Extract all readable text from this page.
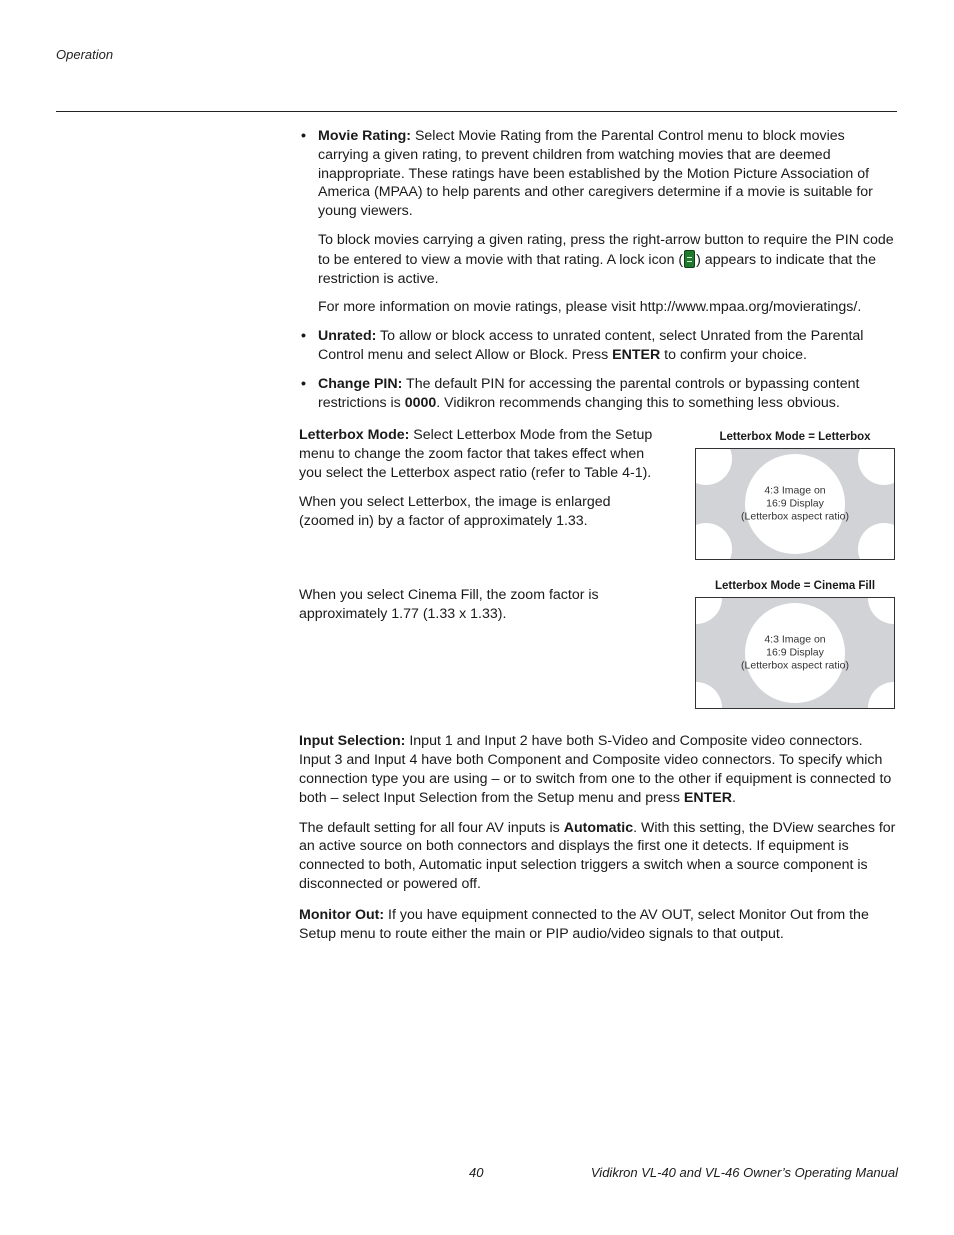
Operation

• Movie Rating: Select Movie Rating from the Parental Control menu to block movies carrying a given rating, to prevent children from watching movies that are deemed inappropriate. These ratings have been established by the Motion Picture Association of America (MPAA) to help parents and other caregivers determine if a movie is suitable for young viewers.

To block movies carrying a given rating, press the right-arrow button to require the PIN code to be entered to view a movie with that rating. A lock icon ( ) appears to indicate that the restriction is active.

For more information on movie ratings, please visit http://www.mpaa.org/movieratings/.

• Unrated: To allow or block access to unrated content, select Unrated from the Parental Control menu and select Allow or Block. Press ENTER to confirm your choice.

• Change PIN: The default PIN for accessing the parental controls or bypassing content restrictions is 0000. Vidikron recommends changing this to something less obvious.

Letterbox Mode: Select Letterbox Mode from the Setup menu to change the zoom factor that takes effect when you select the Letterbox aspect ratio (refer to Table 4-1).

When you select Letterbox, the image is enlarged (zoomed in) by a factor of approximately 1.33.

When you select Cinema Fill, the zoom factor is approximately 1.77 (1.33 x 1.33).

Letterbox Mode = Letterbox
4:3 Image on
16:9 Display
(Letterbox aspect ratio)
Letterbox Mode = Cinema Fill
4:3 Image on
16:9 Display
(Letterbox aspect ratio)

Input Selection: Input 1 and Input 2 have both S-Video and Composite video connectors. Input 3 and Input 4 have both Component and Composite video connectors. To specify which connection type you are using – or to switch from one to the other if equipment is connected to both – select Input Selection from the Setup menu and press ENTER.

The default setting for all four AV inputs is Automatic. With this setting, the DView searches for an active source on both connectors and displays the first one it detects. If equipment is connected to both, Automatic input selection triggers a switch when a source component is disconnected or powered off.

Monitor Out: If you have equipment connected to the AV OUT, select Monitor Out from the Setup menu to route either the main or PIP audio/video signals to that output.

40	Vidikron VL-40 and VL-46 Owner’s Operating Manual
